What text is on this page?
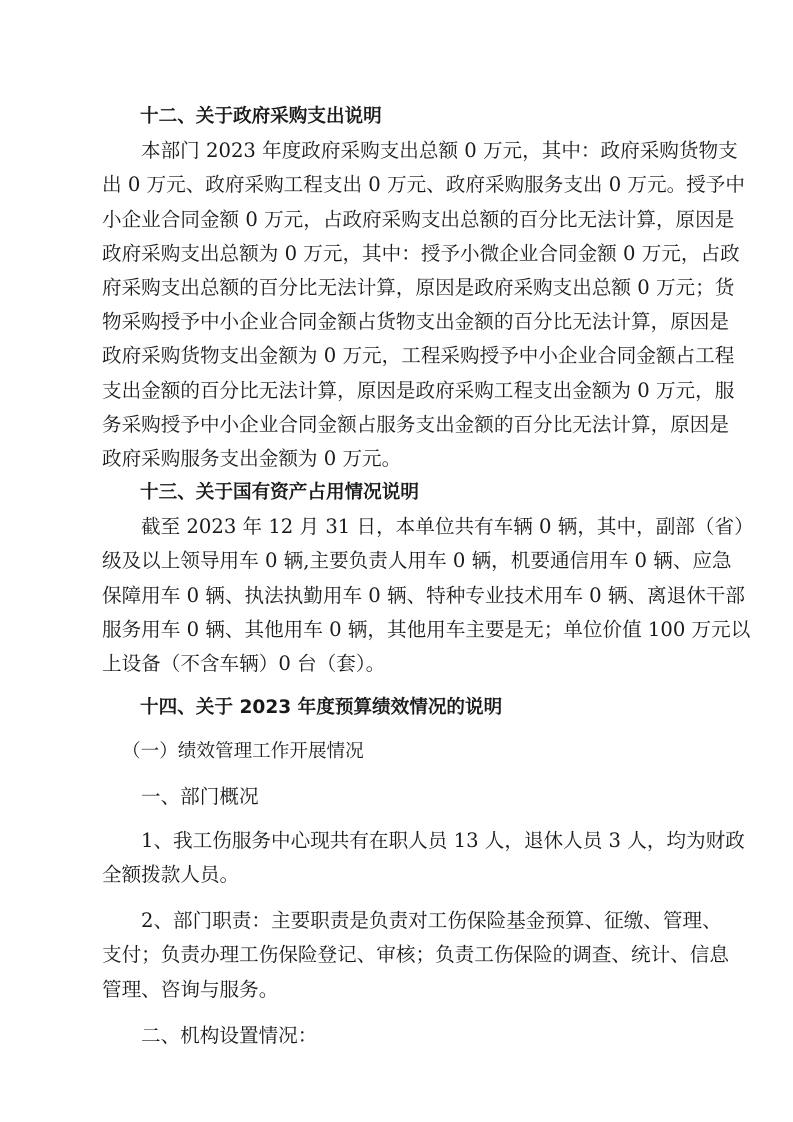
十二、关于政府采购支出说明
本部门 2023 年度政府采购支出总额 0 万元，其中：政府采购货物支
出 0 万元、政府采购工程支出 0 万元、政府采购服务支出 0 万元。授予中
小企业合同金额 0 万元，占政府采购支出总额的百分比无法计算，原因是
政府采购支出总额为 0 万元，其中：授予小微企业合同金额 0 万元，占政
府采购支出总额的百分比无法计算，原因是政府采购支出总额 0 万元；货
物采购授予中小企业合同金额占货物支出金额的百分比无法计算，原因是
政府采购货物支出金额为 0 万元，工程采购授予中小企业合同金额占工程
支出金额的百分比无法计算，原因是政府采购工程支出金额为 0 万元，服
务采购授予中小企业合同金额占服务支出金额的百分比无法计算，原因是
政府采购服务支出金额为 0 万元。
十三、关于国有资产占用情况说明
截至 2023 年 12 月 31 日，本单位共有车辆 0 辆，其中，副部（省）
级及以上领导用车 0 辆,主要负责人用车 0 辆，机要通信用车 0 辆、应急
保障用车 0 辆、执法执勤用车 0 辆、特种专业技术用车 0 辆、离退休干部
服务用车 0 辆、其他用车 0 辆，其他用车主要是无；单位价值 100 万元以
上设备（不含车辆）0 台（套）。
十四、关于 2023 年度预算绩效情况的说明
（一）绩效管理工作开展情况
一、部门概况
1、我工伤服务中心现共有在职人员 13 人，退休人员 3 人，均为财政
全额拨款人员。
2、部门职责：主要职责是负责对工伤保险基金预算、征缴、管理、
支付；负责办理工伤保险登记、审核；负责工伤保险的调查、统计、信息
管理、咨询与服务。
二、机构设置情况：
